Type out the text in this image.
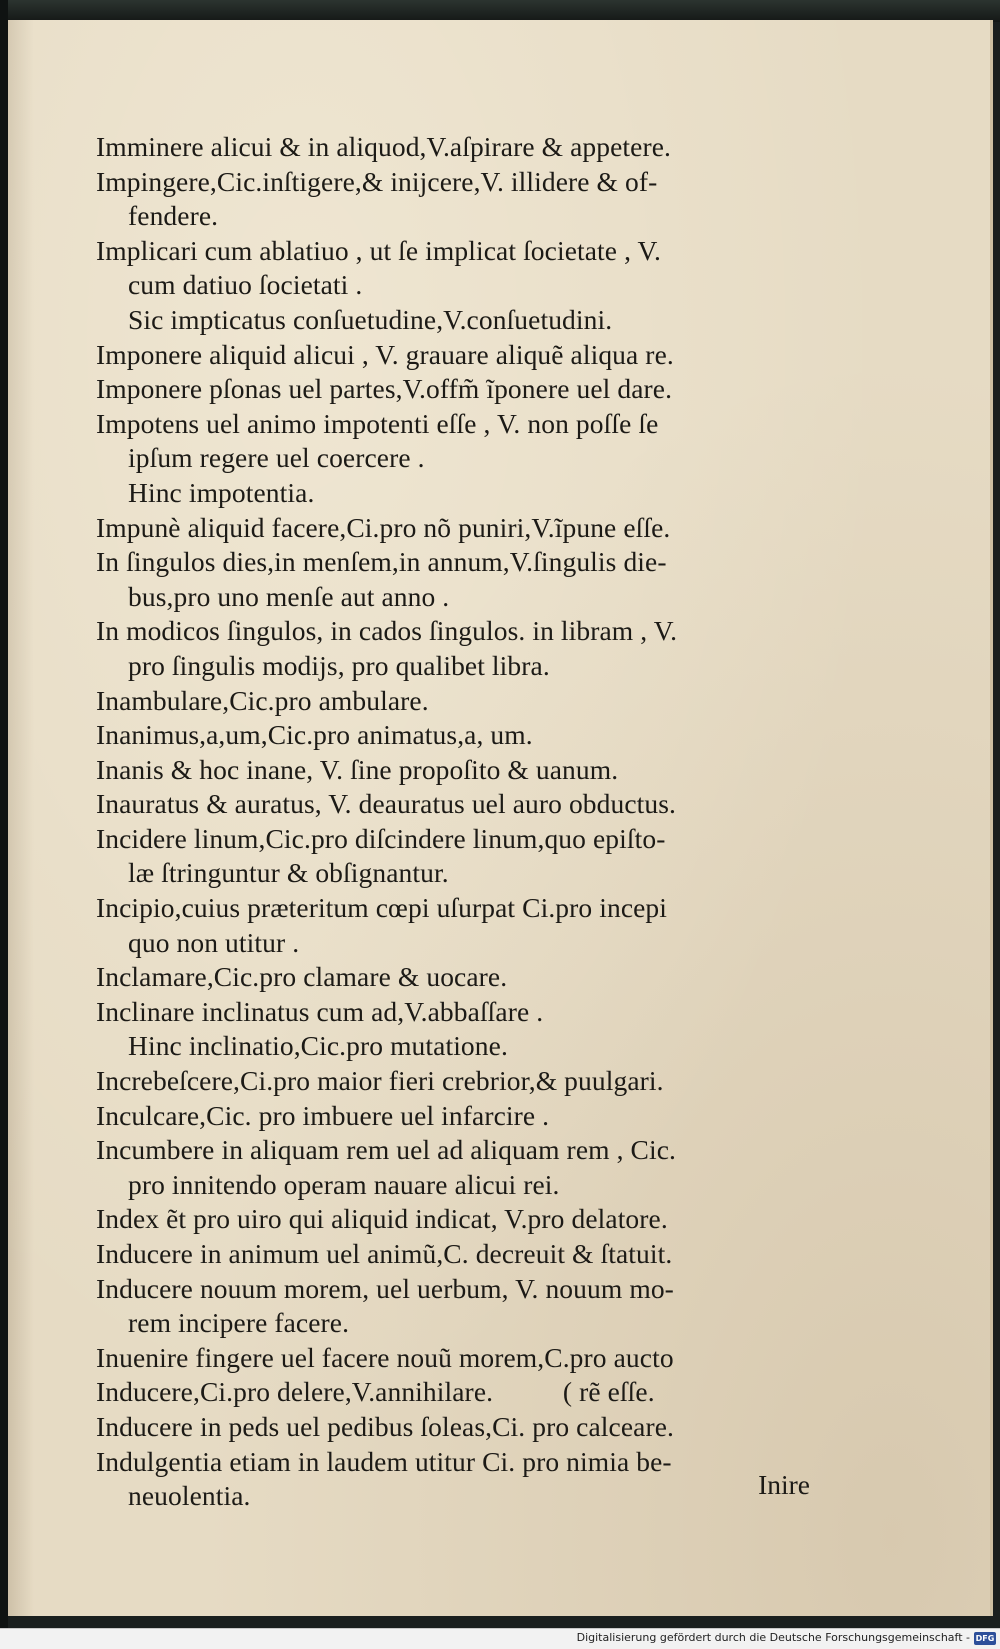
Imminere alicui & in aliquod,V.aſpirare & appetere.
Impingere,Cic.inſtigere,& inijcere,V. illidere & of-
fendere.
Implicari cum ablatiuo , ut ſe implicat ſocietate , V.
cum datiuo ſocietati .
Sic impticatus conſuetudine,V.conſuetudini.
Imponere aliquid alicui , V. grauare aliquẽ aliqua re.
Imponere pſonas uel partes,V.offm̃ ĩponere uel dare.
Impotens uel animo impotenti eſſe , V. non poſſe ſe
ipſum regere uel coercere .
Hinc impotentia.
Impunè aliquid facere,Ci.pro nõ puniri,V.ĩpune eſſe.
In ſingulos dies,in menſem,in annum,V.ſingulis die-
bus,pro uno menſe aut anno .
In modicos ſingulos, in cados ſingulos. in libram , V.
pro ſingulis modijs, pro qualibet libra.
Inambulare,Cic.pro ambulare.
Inanimus,a,um,Cic.pro animatus,a, um.
Inanis & hoc inane, V. ſine propoſito & uanum.
Inauratus & auratus, V. deauratus uel auro obductus.
Incidere linum,Cic.pro diſcindere linum,quo epiſto-
læ ſtringuntur & obſignantur.
Incipio,cuius præteritum cœpi uſurpat Ci.pro incepi
quo non utitur .
Inclamare,Cic.pro clamare & uocare.
Inclinare inclinatus cum ad,V.abbaſſare .
Hinc inclinatio,Cic.pro mutatione.
Increbeſcere,Ci.pro maior fieri crebrior,& puulgari.
Inculcare,Cic. pro imbuere uel infarcire .
Incumbere in aliquam rem uel ad aliquam rem , Cic.
pro innitendo operam nauare alicui rei.
Index ẽt pro uiro qui aliquid indicat, V.pro delatore.
Inducere in animum uel animũ,C. decreuit & ſtatuit.
Inducere nouum morem, uel uerbum, V. nouum mo-
rem incipere facere.
Inuenire fingere uel facere nouũ morem,C.pro aucto
Inducere,Ci.pro delere,V.annihilare.          ( rẽ eſſe.
Inducere in peds uel pedibus ſoleas,Ci. pro calceare.
Indulgentia etiam in laudem utitur Ci. pro nimia be-
neuolentia.	Inire
Digitalisierung gefördert durch die Deutsche Forschungsgemeinschaft - DFG
